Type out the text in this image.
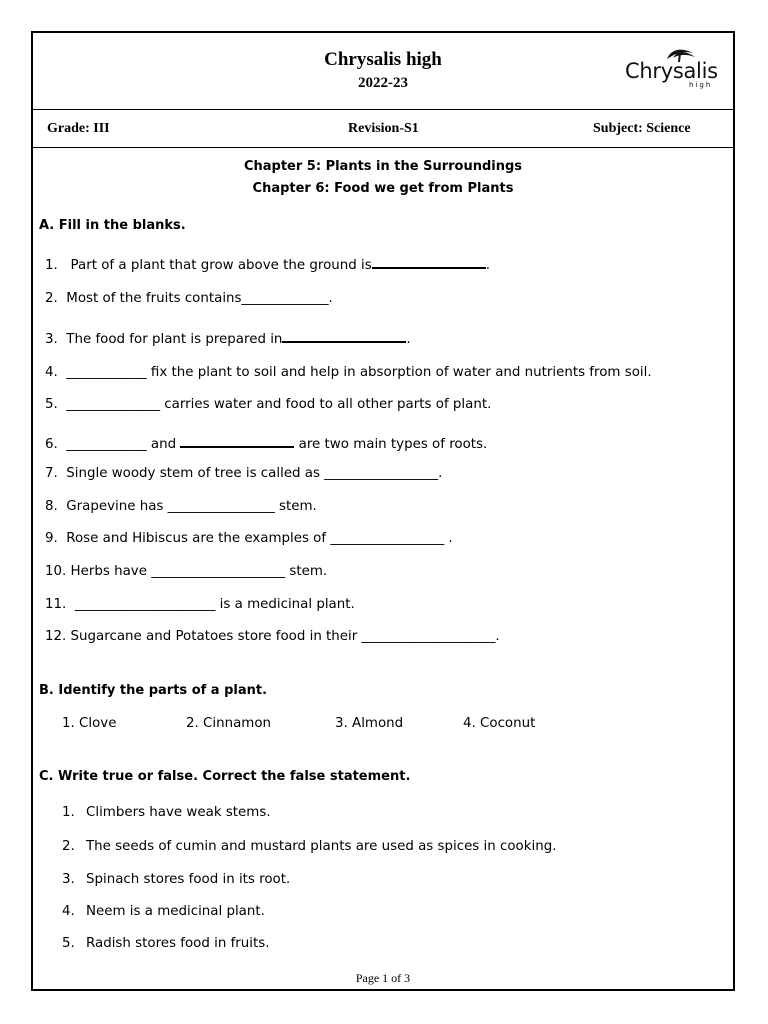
Chrysalis high
2022-23	Chrysalis
high
Grade: III	Revision-S1	Subject: Science
Chapter 5: Plants in the Surroundings
Chapter 6: Food we get from Plants
A. Fill in the blanks.
1.   Part of a plant that grow above the ground is	.
2.  Most of the fruits contains_____________.
3.  The food for plant is prepared in	.
4.  ____________ fix the plant to soil and help in absorption of water and nutrients from soil.
5.  ______________ carries water and food to all other parts of plant.
6.  ____________ and	are two main types of roots.
7.  Single woody stem of tree is called as _________________.
8.  Grapevine has ________________ stem.
9.  Rose and Hibiscus are the examples of _________________ .
10. Herbs have ____________________ stem.
11.  _____________________ is a medicinal plant.
12. Sugarcane and Potatoes store food in their ____________________.
B. Identify the parts of a plant.
1. Clove	2. Cinnamon	3. Almond	4. Coconut
C. Write true or false. Correct the false statement.
1. Climbers have weak stems.
2. The seeds of cumin and mustard plants are used as spices in cooking.
3. Spinach stores food in its root.
4. Neem is a medicinal plant.
5. Radish stores food in fruits.
Page 1 of 3
